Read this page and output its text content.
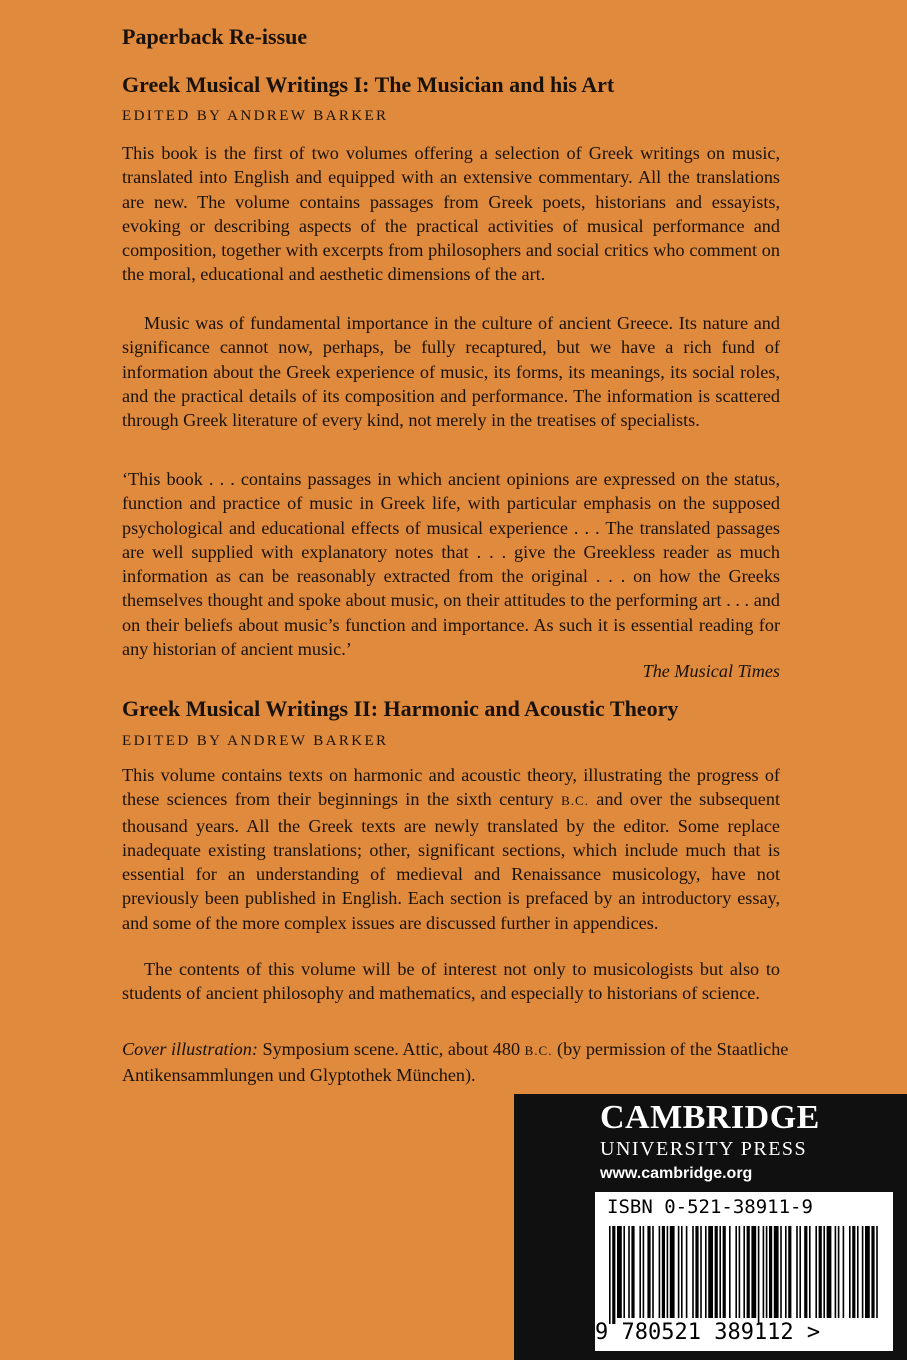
Paperback Re-issue
Greek Musical Writings I: The Musician and his Art
EDITED BY ANDREW BARKER

This book is the first of two volumes offering a selection of Greek writings on music, translated into English and equipped with an extensive commentary. All the translations are new. The volume contains passages from Greek poets, historians and essayists, evoking or describing aspects of the practical activities of musical performance and composition, together with excerpts from philosophers and social critics who comment on the moral, educational and aesthetic dimensions of the art.

Music was of fundamental importance in the culture of ancient Greece. Its nature and significance cannot now, perhaps, be fully recaptured, but we have a rich fund of information about the Greek experience of music, its forms, its meanings, its social roles, and the practical details of its composition and performance. The information is scattered through Greek literature of every kind, not merely in the treatises of specialists.

‘This book . . . contains passages in which ancient opinions are expressed on the status, function and practice of music in Greek life, with particular emphasis on the supposed psychological and educational effects of musical experience . . . The translated passages are well supplied with explanatory notes that . . . give the Greekless reader as much information as can be reasonably extracted from the original . . . on how the Greeks themselves thought and spoke about music, on their attitudes to the performing art . . . and on their beliefs about music’s function and importance. As such it is essential reading for any historian of ancient music.’

The Musical Times
Greek Musical Writings II: Harmonic and Acoustic Theory
EDITED BY ANDREW BARKER

This volume contains texts on harmonic and acoustic theory, illustrating the progress of these sciences from their beginnings in the sixth century B.C. and over the subsequent thousand years. All the Greek texts are newly translated by the editor. Some replace inadequate existing translations; other, significant sections, which include much that is essential for an understanding of medieval and Renaissance musicology, have not previously been published in English. Each section is prefaced by an introductory essay, and some of the more complex issues are discussed further in appendices.

The contents of this volume will be of interest not only to musicologists but also to students of ancient philosophy and mathematics, and especially to historians of science.

Cover illustration: Symposium scene. Attic, about 480 B.C. (by permission of the Staatliche Antikensammlungen und Glyptothek München).

CAMBRIDGE
UNIVERSITY PRESS
www.cambridge.org
ISBN 0-521-38911-9
9 780521 389112 >
